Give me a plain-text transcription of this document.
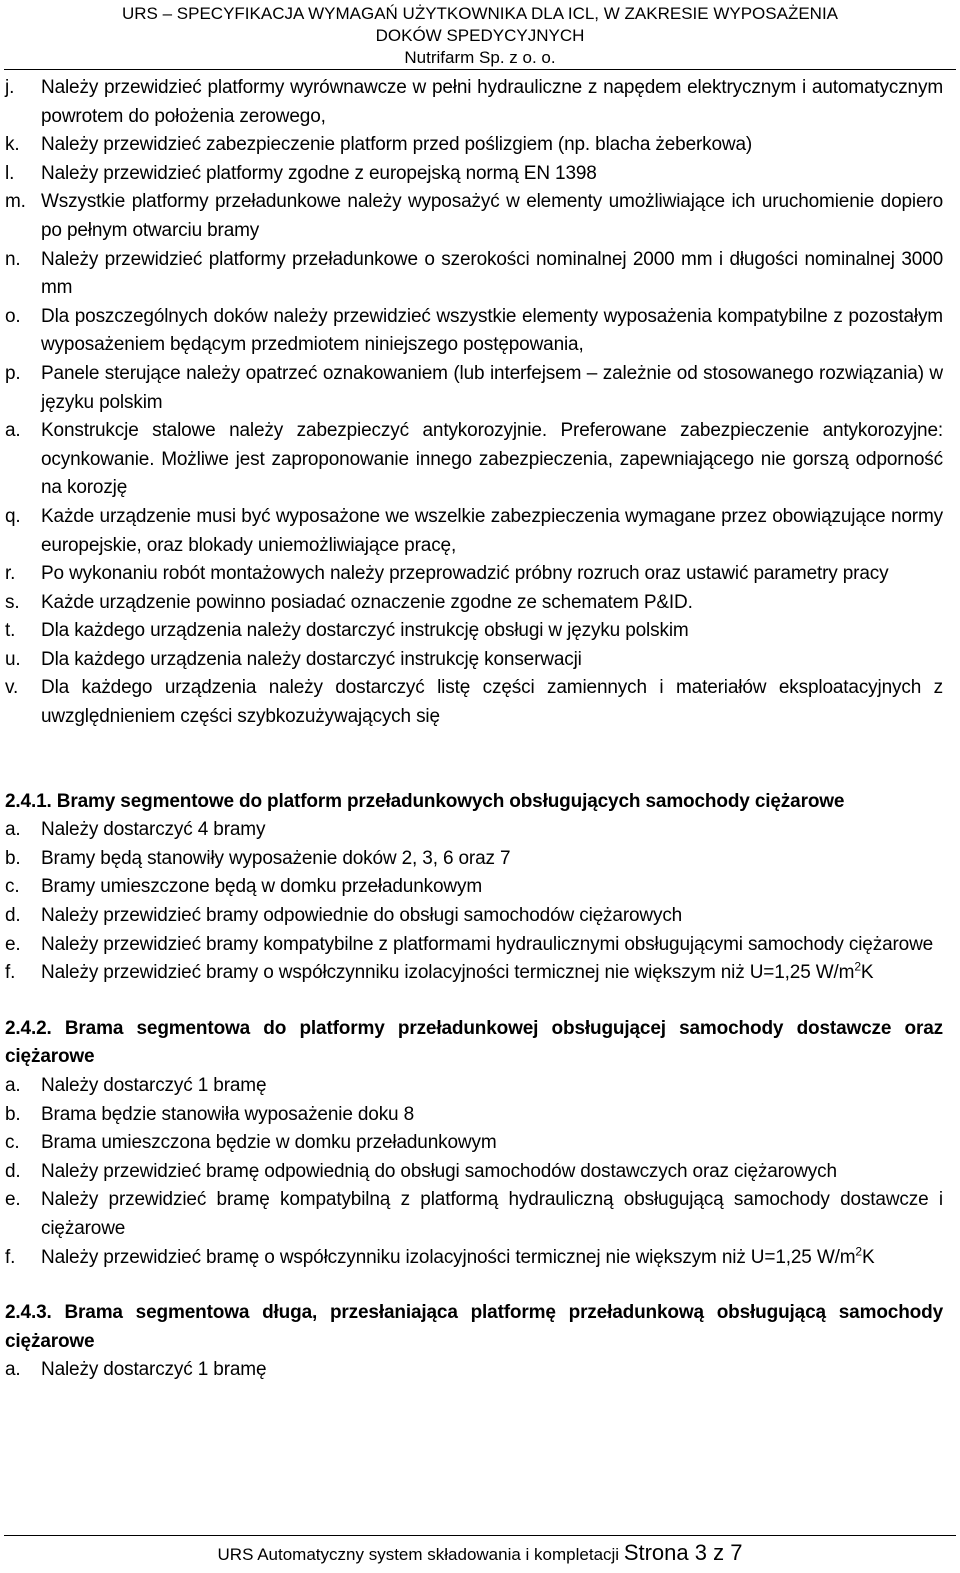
URS – SPECYFIKACJA WYMAGAŃ UŻYTKOWNIKA DLA ICL, W ZAKRESIE WYPOSAŻENIA
DOKÓW SPEDYCYJNYCH
Nutrifarm Sp. z o. o.
j.	Należy przewidzieć platformy wyrównawcze w pełni hydrauliczne z napędem elektrycznym i automatycznym powrotem do położenia zerowego,
k.	Należy przewidzieć zabezpieczenie platform przed poślizgiem (np. blacha żeberkowa)
l.	Należy przewidzieć platformy zgodne z europejską normą EN 1398
m. Wszystkie platformy przeładunkowe należy wyposażyć w elementy umożliwiające ich uruchomienie dopiero po pełnym otwarciu bramy
n.	Należy przewidzieć platformy przeładunkowe o szerokości nominalnej 2000 mm i długości nominalnej 3000 mm
o.	Dla poszczególnych doków należy przewidzieć wszystkie elementy wyposażenia kompatybilne z pozostałym wyposażeniem będącym przedmiotem niniejszego postępowania,
p.	Panele sterujące należy opatrzeć oznakowaniem (lub interfejsem – zależnie od stosowanego rozwiązania) w języku polskim
a.	Konstrukcje stalowe należy zabezpieczyć antykorozyjnie. Preferowane zabezpieczenie antykorozyjne: ocynkowanie. Możliwe jest zaproponowanie innego zabezpieczenia, zapewniającego nie gorszą odporność na korozję
q.	Każde urządzenie musi być wyposażone we wszelkie zabezpieczenia wymagane przez obowiązujące normy europejskie, oraz blokady uniemożliwiające pracę,
r.	Po wykonaniu robót montażowych należy przeprowadzić próbny rozruch oraz ustawić parametry pracy
s.	Każde urządzenie powinno posiadać oznaczenie zgodne ze schematem P&ID.
t.	Dla każdego urządzenia należy dostarczyć instrukcję obsługi w języku polskim
u.	Dla każdego urządzenia należy dostarczyć instrukcję konserwacji
v.	Dla każdego urządzenia należy dostarczyć listę części zamiennych i materiałów eksploatacyjnych z uwzględnieniem części szybkozużywających się
2.4.1. Bramy segmentowe do platform przeładunkowych obsługujących samochody ciężarowe
a.	Należy dostarczyć 4 bramy
b.	Bramy będą stanowiły wyposażenie doków 2, 3, 6 oraz 7
c.	Bramy umieszczone będą w domku przeładunkowym
d.	Należy przewidzieć bramy odpowiednie do obsługi samochodów ciężarowych
e.	Należy przewidzieć bramy kompatybilne z platformami hydraulicznymi obsługującymi samochody ciężarowe
f.	Należy przewidzieć bramy o współczynniku izolacyjności termicznej nie większym niż U=1,25 $W/m^2K$
2.4.2. Brama segmentowa do platformy przeładunkowej obsługującej samochody dostawcze oraz ciężarowe
a.	Należy dostarczyć 1 bramę
b.	Brama będzie stanowiła wyposażenie doku 8
c.	Brama umieszczona będzie w domku przeładunkowym
d.	Należy przewidzieć bramę odpowiednią do obsługi samochodów dostawczych oraz ciężarowych
e.	Należy przewidzieć bramę kompatybilną z platformą hydrauliczną obsługującą samochody dostawcze i ciężarowe
f.	Należy przewidzieć bramę o współczynniku izolacyjności termicznej nie większym niż U=1,25 $W/m^2K$
2.4.3. Brama segmentowa długa, przesłaniająca platformę przeładunkową obsługującą samochody ciężarowe
a.	Należy dostarczyć 1 bramę
URS Automatyczny system składowania i kompletacji Strona 3 z 7
